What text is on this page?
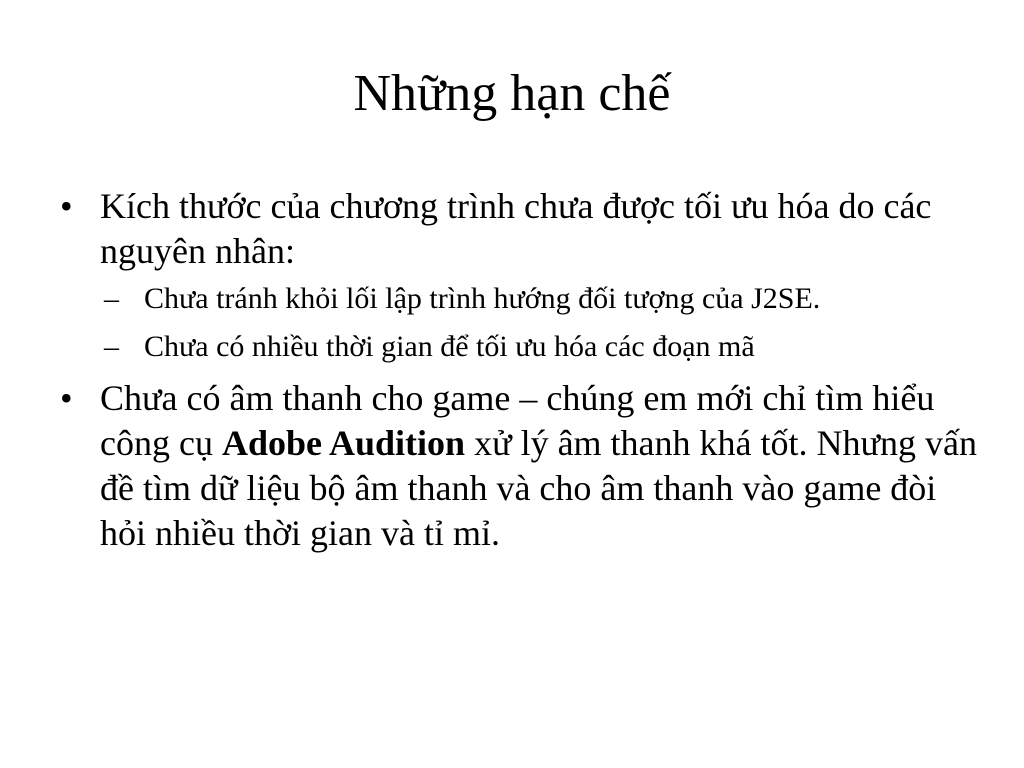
Những hạn chế
• Kích thước của chương trình chưa được tối ưu hóa do các nguyên nhân:
– Chưa tránh khỏi lối lập trình hướng đối tượng của J2SE.
– Chưa có nhiều thời gian để tối ưu hóa các đoạn mã
• Chưa có âm thanh cho game – chúng em mới chỉ tìm hiểu công cụ Adobe Audition xử lý âm thanh khá tốt. Nhưng vấn đề tìm dữ liệu bộ âm thanh và cho âm thanh vào game đòi hỏi nhiều thời gian và tỉ mỉ.
